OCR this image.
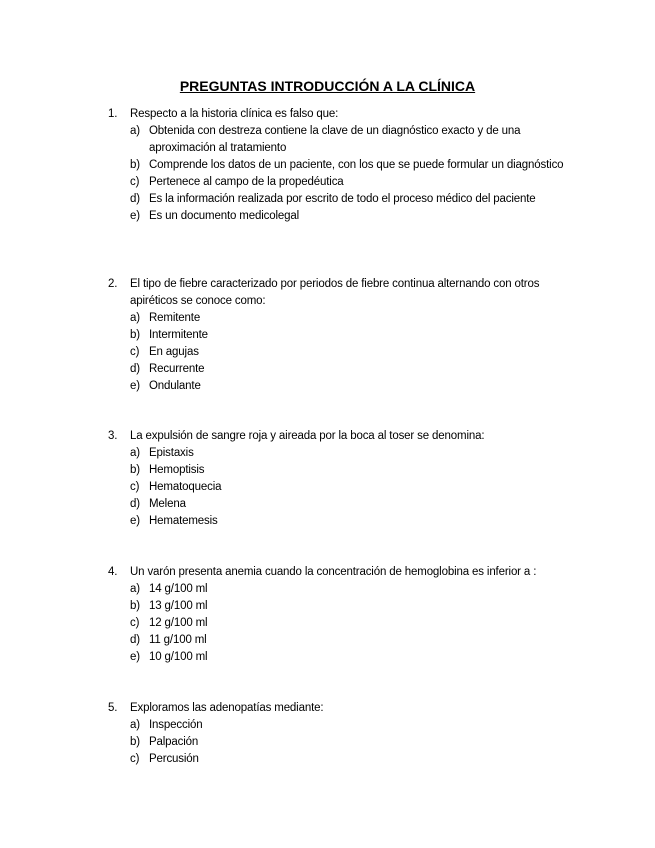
PREGUNTAS INTRODUCCIÓN A LA CLÍNICA
1. Respecto a la historia clínica es falso que:
a) Obtenida con destreza contiene la clave de un diagnóstico exacto y de una aproximación al tratamiento
b) Comprende los datos de un paciente, con los que se puede formular un diagnóstico
c) Pertenece al campo de la propedéutica
d) Es la información realizada por escrito de todo el proceso médico del paciente
e) Es un documento medicolegal
2. El tipo de fiebre caracterizado por periodos de fiebre continua alternando con otros apiréticos se conoce como:
a) Remitente
b) Intermitente
c) En agujas
d) Recurrente
e) Ondulante
3. La expulsión de sangre roja y aireada por la boca al toser se denomina:
a) Epistaxis
b) Hemoptisis
c) Hematoquecia
d) Melena
e) Hematemesis
4. Un varón presenta anemia cuando la concentración de hemoglobina es inferior a :
a) 14 g/100 ml
b) 13 g/100 ml
c) 12 g/100 ml
d) 11 g/100 ml
e) 10 g/100 ml
5. Exploramos las adenopatías mediante:
a) Inspección
b) Palpación
c) Percusión
